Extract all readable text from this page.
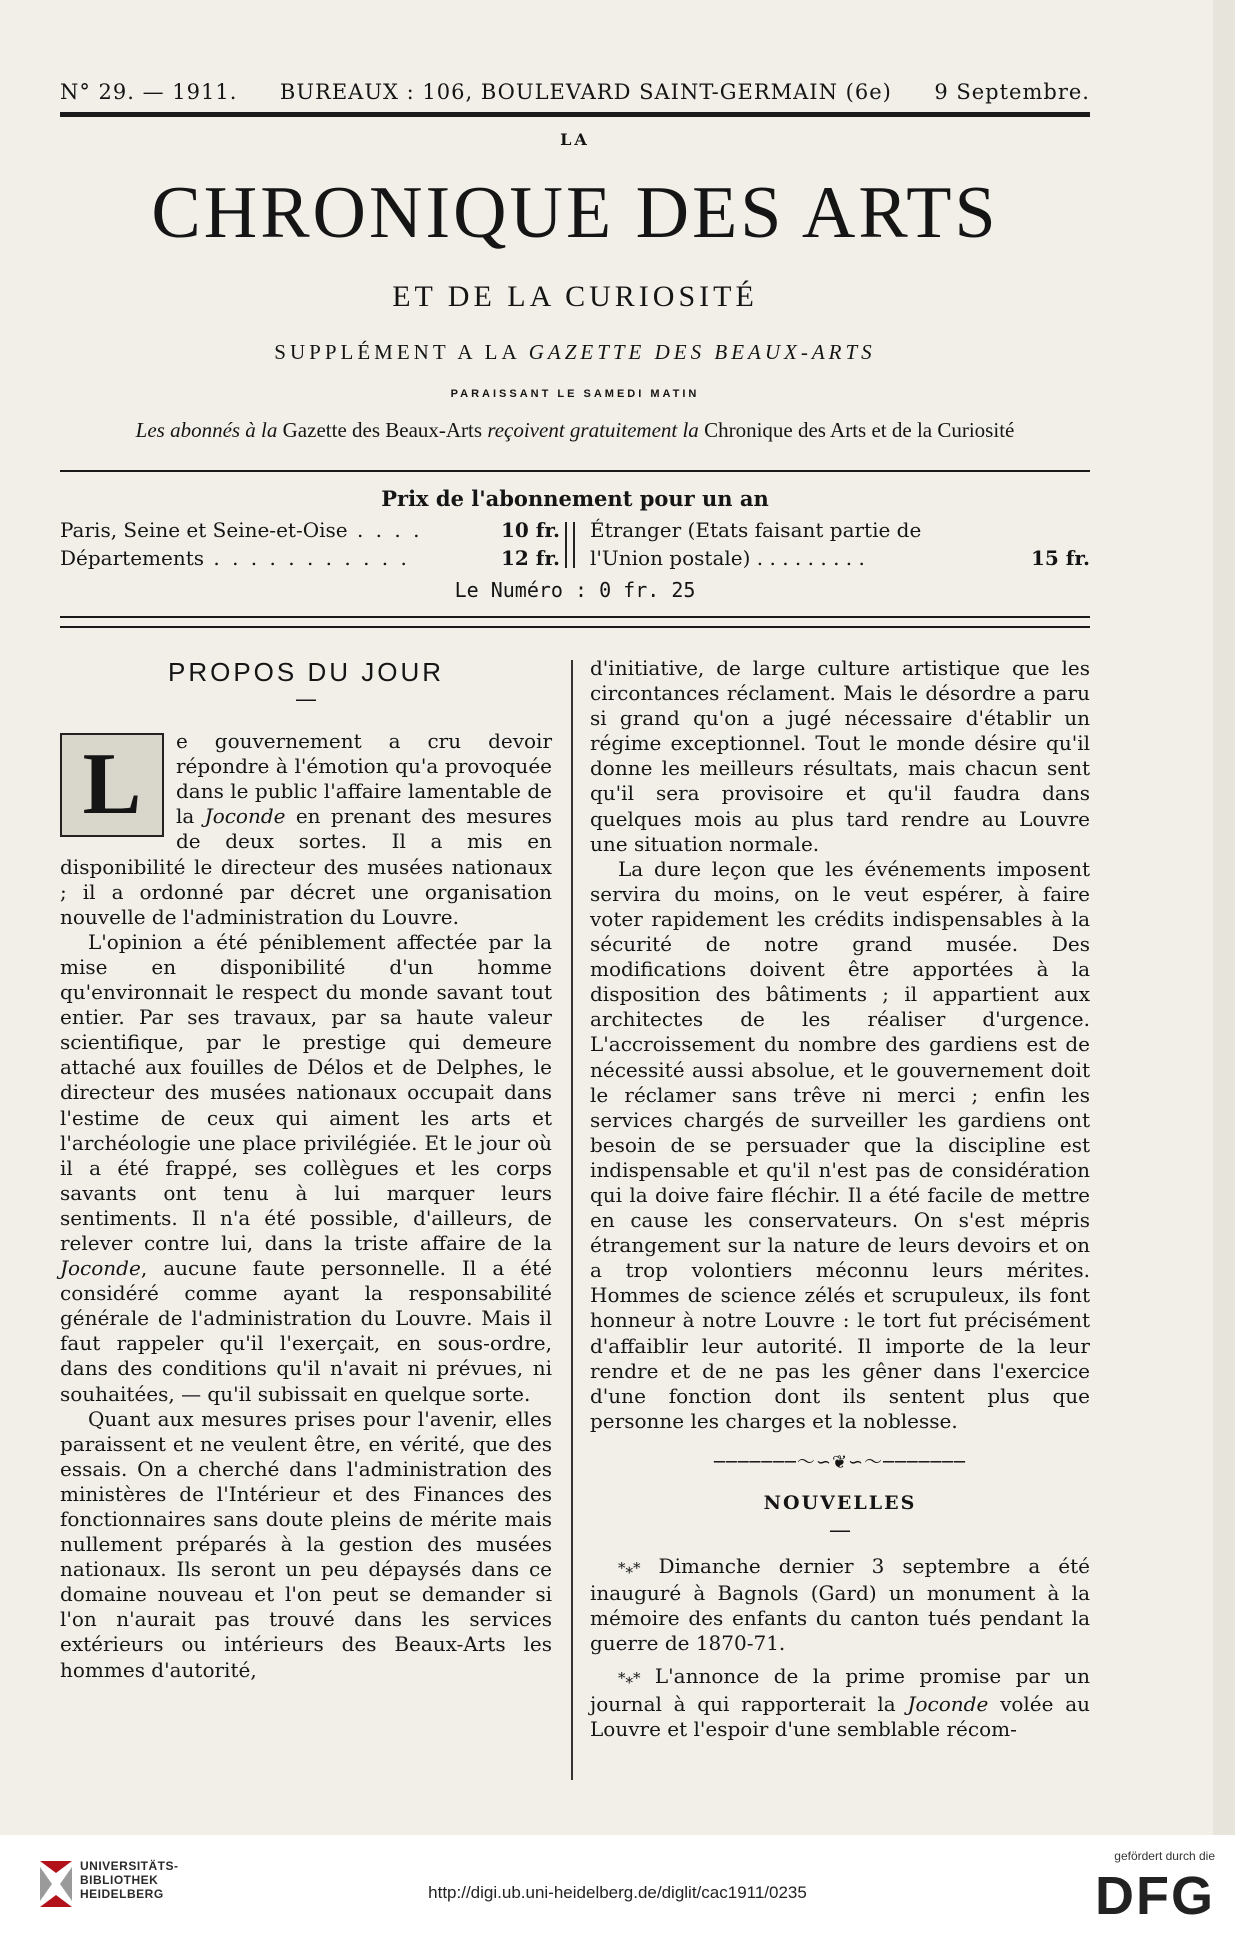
N° 29. — 1911. BUREAUX : 106, BOULEVARD SAINT-GERMAIN (6e) 9 Septembre.
LA
CHRONIQUE DES ARTS
ET DE LA CURIOSITÉ
SUPPLÉMENT A LA GAZETTE DES BEAUX-ARTS
PARAISSANT LE SAMEDI MATIN
Les abonnés à la Gazette des Beaux-Arts reçoivent gratuitement la Chronique des Arts et de la Curiosité
Prix de l'abonnement pour un an
Paris, Seine et Seine-et-Oise . . . .	10 fr.
Départements . . . . . . . . . . .	12 fr.
Étranger (Etats faisant partie de
l'Union postale) . . . . . . . . .	15 fr.
Le Numéro : 0 fr. 25
PROPOS DU JOUR
—
L	e gouvernement a cru devoir répondre à l'émotion qu'a provoquée dans le public l'affaire lamentable de la Joconde en prenant des mesures de deux sortes. Il a mis en disponibilité le directeur des musées nationaux ; il a ordonné par décret une organisation nouvelle de l'administration du Louvre.

L'opinion a été péniblement affectée par la mise en disponibilité d'un homme qu'environnait le respect du monde savant tout entier. Par ses travaux, par sa haute valeur scientifique, par le prestige qui demeure attaché aux fouilles de Délos et de Delphes, le directeur des musées nationaux occupait dans l'estime de ceux qui aiment les arts et l'archéologie une place privilégiée. Et le jour où il a été frappé, ses collègues et les corps savants ont tenu à lui marquer leurs sentiments. Il n'a été possible, d'ailleurs, de relever contre lui, dans la triste affaire de la Joconde, aucune faute personnelle. Il a été considéré comme ayant la responsabilité générale de l'administration du Louvre. Mais il faut rappeler qu'il l'exerçait, en sous-ordre, dans des conditions qu'il n'avait ni prévues, ni souhaitées, — qu'il subissait en quelque sorte.

Quant aux mesures prises pour l'avenir, elles paraissent et ne veulent être, en vérité, que des essais. On a cherché dans l'administration des ministères de l'Intérieur et des Finances des fonctionnaires sans doute pleins de mérite mais nullement préparés à la gestion des musées nationaux. Ils seront un peu dépaysés dans ce domaine nouveau et l'on peut se demander si l'on n'aurait pas trouvé dans les services extérieurs ou intérieurs des Beaux-Arts les hommes d'autorité,

d'initiative, de large culture artistique que les circontances réclament. Mais le désordre a paru si grand qu'on a jugé nécessaire d'établir un régime exceptionnel. Tout le monde désire qu'il donne les meilleurs résultats, mais chacun sent qu'il sera provisoire et qu'il faudra dans quelques mois au plus tard rendre au Louvre une situation normale.

La dure leçon que les événements imposent servira du moins, on le veut espérer, à faire voter rapidement les crédits indispensables à la sécurité de notre grand musée. Des modifications doivent être apportées à la disposition des bâtiments ; il appartient aux architectes de les réaliser d'urgence. L'accroissement du nombre des gardiens est de nécessité aussi absolue, et le gouvernement doit le réclamer sans trêve ni merci ; enfin les services chargés de surveiller les gardiens ont besoin de se persuader que la discipline est indispensable et qu'il n'est pas de considération qui la doive faire fléchir. Il a été facile de mettre en cause les conservateurs. On s'est mépris étrangement sur la nature de leurs devoirs et on a trop volontiers méconnu leurs mérites. Hommes de science zélés et scrupuleux, ils font honneur à notre Louvre : le tort fut précisément d'affaiblir leur autorité. Il importe de la leur rendre et de ne pas les gêner dans l'exercice d'une fonction dont ils sentent plus que personne les charges et la noblesse.

───────〜∽❦∽〜───────
NOUVELLES
—

*⁎* Dimanche dernier 3 septembre a été inauguré à Bagnols (Gard) un monument à la mémoire des enfants du canton tués pendant la guerre de 1870-71.

*⁎* L'annonce de la prime promise par un journal à qui rapporterait la Joconde volée au Louvre et l'espoir d'une semblable récom-

UNIVERSITÄTS-
BIBLIOTHEK
HEIDELBERG	http://digi.ub.uni-heidelberg.de/diglit/cac1911/0235
gefördert durch die
DFG
